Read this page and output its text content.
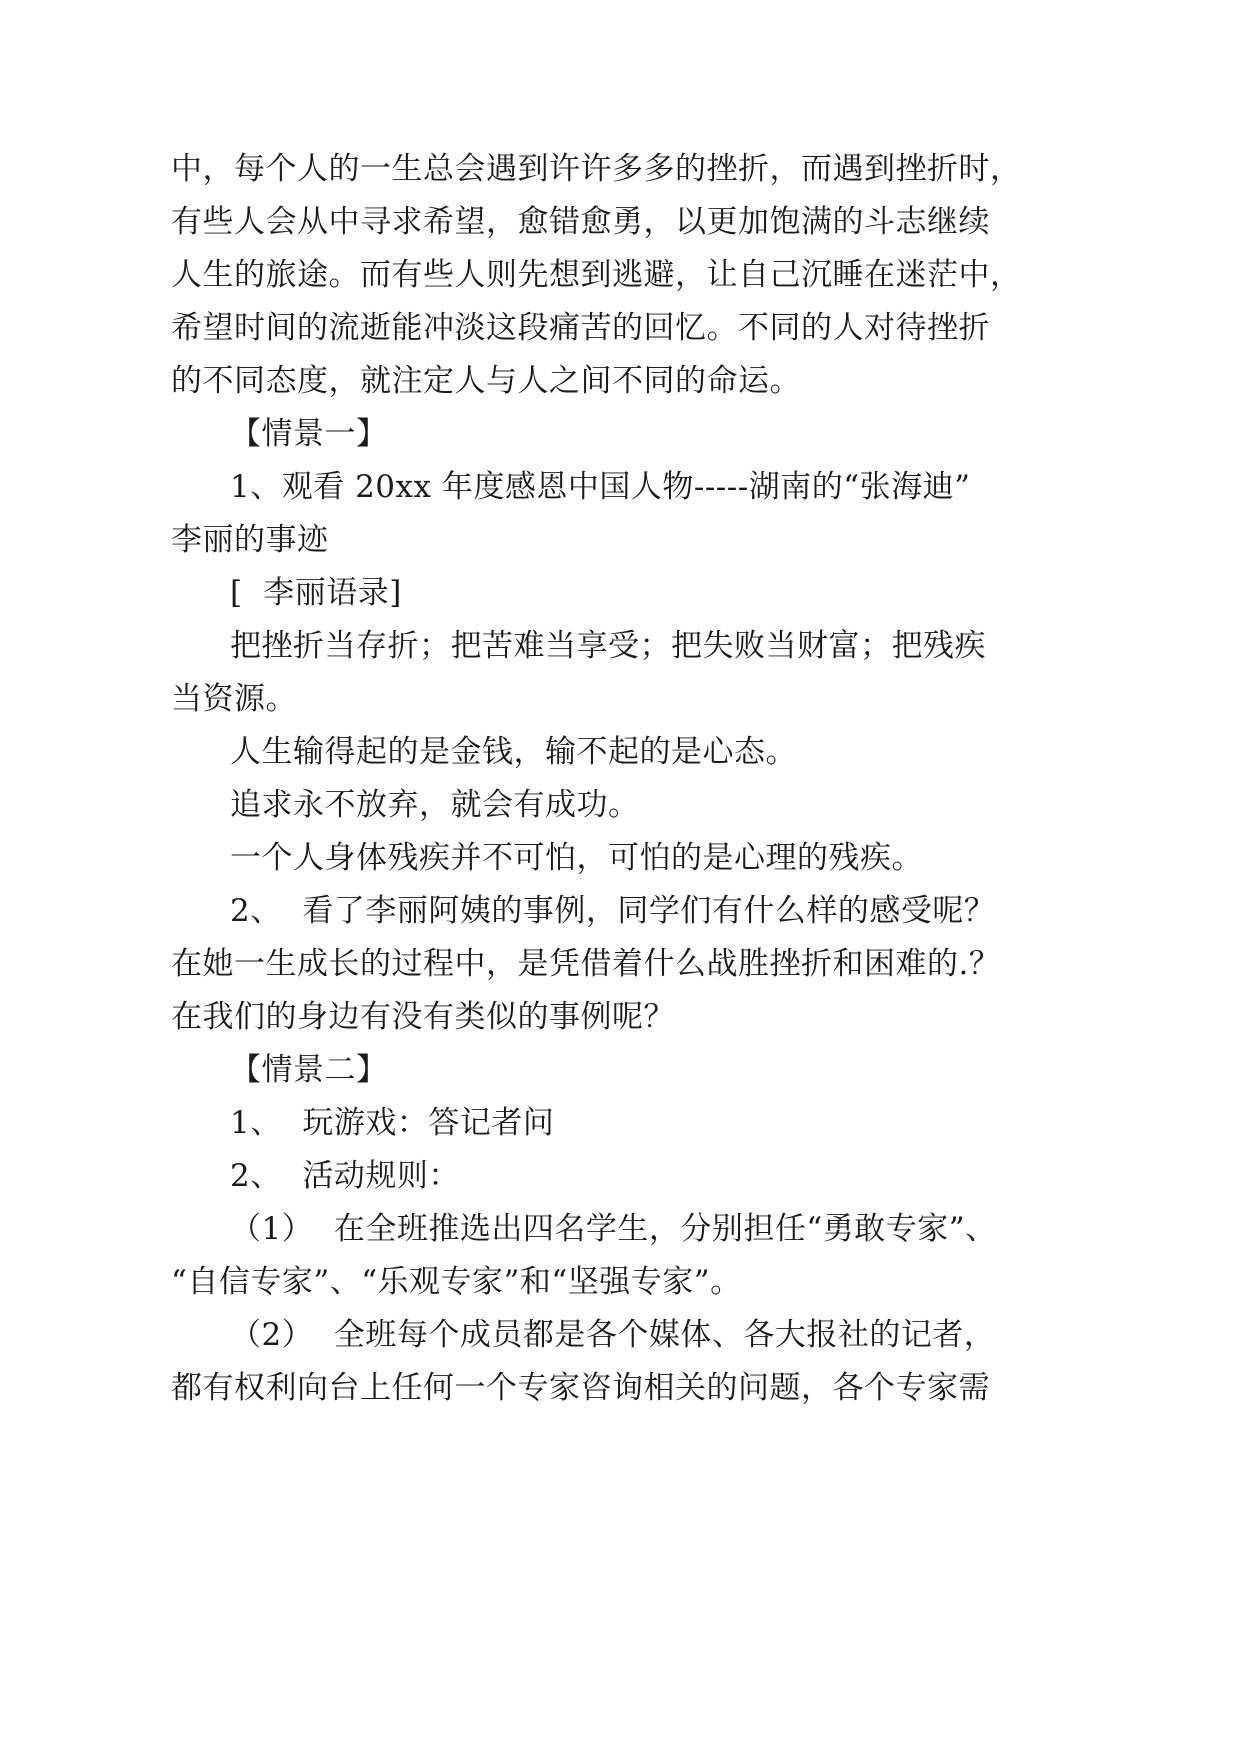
中，每个人的一生总会遇到许许多多的挫折，而遇到挫折时，
有些人会从中寻求希望，愈错愈勇，以更加饱满的斗志继续
人生的旅途。而有些人则先想到逃避，让自己沉睡在迷茫中，
希望时间的流逝能冲淡这段痛苦的回忆。不同的人对待挫折
的不同态度，就注定人与人之间不同的命运。
【情景一】
1、观看 20xx 年度感恩中国人物-----湖南的“张海迪”
李丽的事迹
[  李丽语录]
把挫折当存折；把苦难当享受；把失败当财富；把残疾
当资源。
人生输得起的是金钱，输不起的是心态。
追求永不放弃，就会有成功。
一个人身体残疾并不可怕，可怕的是心理的残疾。
2、  看了李丽阿姨的事例，同学们有什么样的感受呢？
在她一生成长的过程中，是凭借着什么战胜挫折和困难的.？
在我们的身边有没有类似的事例呢？
【情景二】
1、  玩游戏：答记者问
2、  活动规则：
（1）  在全班推选出四名学生，分别担任“勇敢专家”、
“自信专家”、“乐观专家”和“坚强专家”。
（2）  全班每个成员都是各个媒体、各大报社的记者，
都有权利向台上任何一个专家咨询相关的问题，各个专家需
